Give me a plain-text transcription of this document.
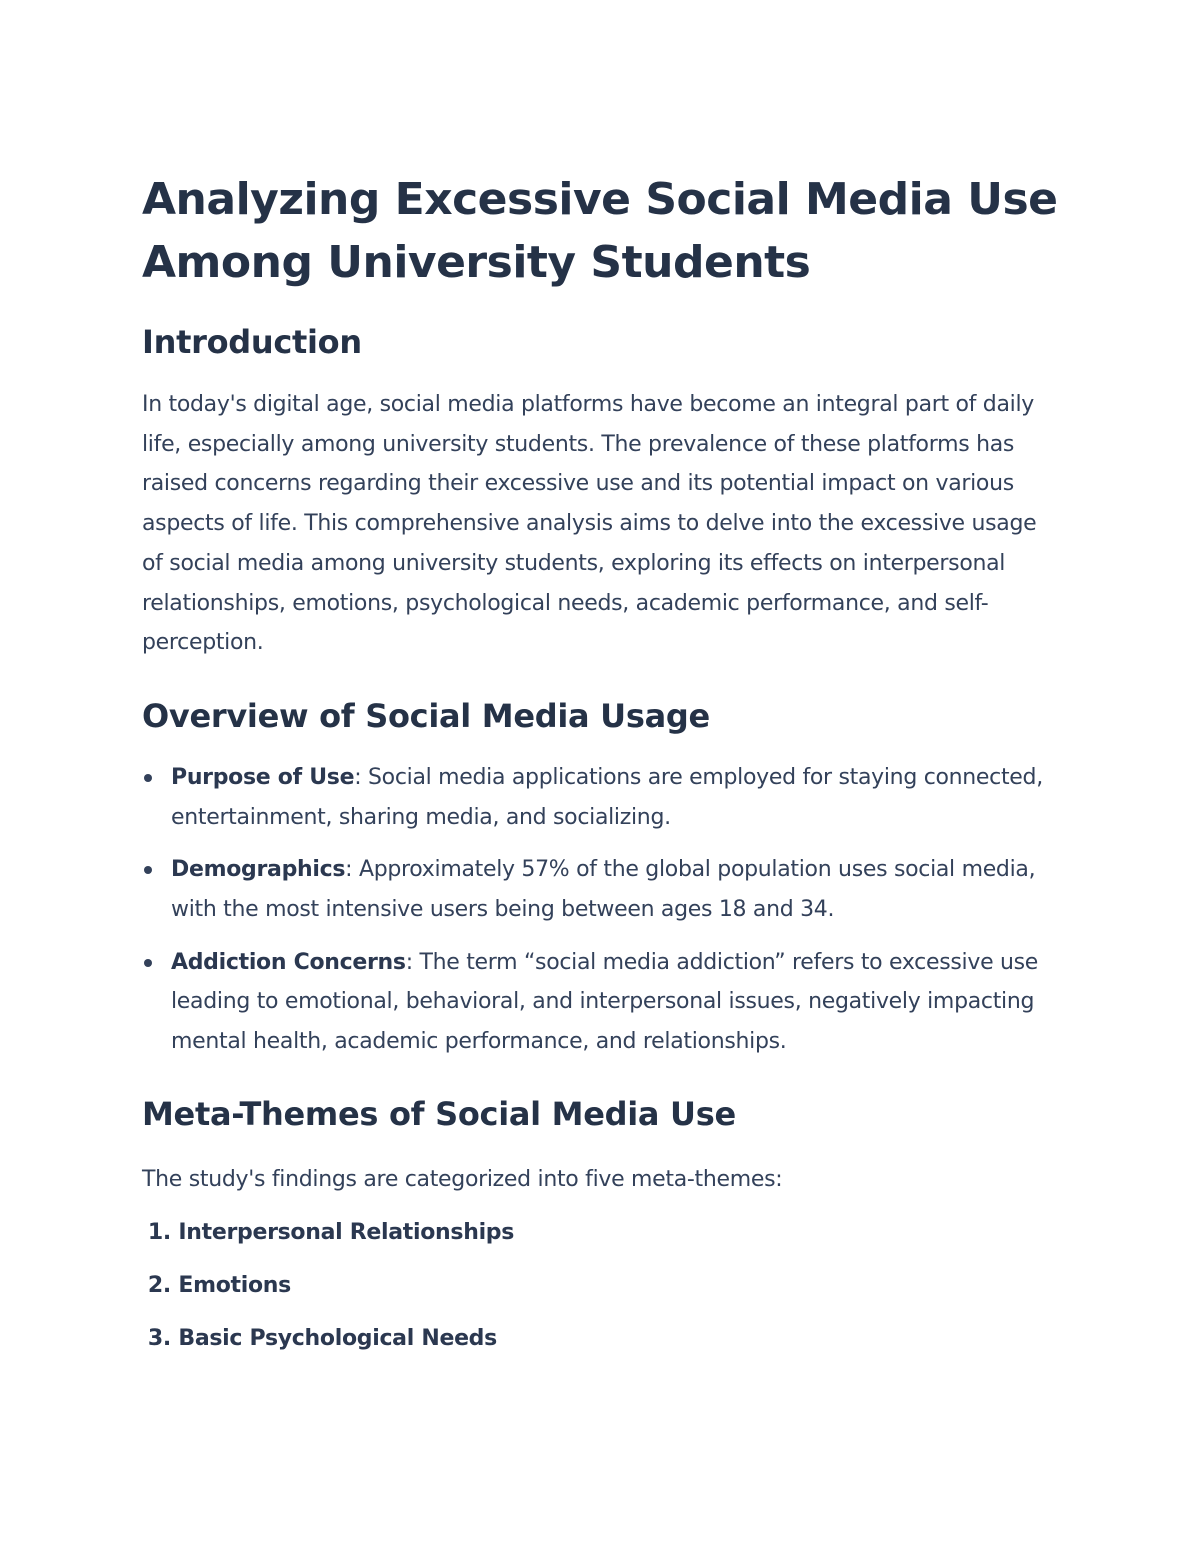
Analyzing Excessive Social Media Use Among University Students
Introduction

In today's digital age, social media platforms have become an integral part of daily life, especially among university students. The prevalence of these platforms has raised concerns regarding their excessive use and its potential impact on various aspects of life. This comprehensive analysis aims to delve into the excessive usage of social media among university students, exploring its effects on interpersonal relationships, emotions, psychological needs, academic performance, and self-perception.

Overview of Social Media Usage
Purpose of Use: Social media applications are employed for staying connected, entertainment, sharing media, and socializing.
Demographics: Approximately 57% of the global population uses social media, with the most intensive users being between ages 18 and 34.
Addiction Concerns: The term “social media addiction” refers to excessive use leading to emotional, behavioral, and interpersonal issues, negatively impacting mental health, academic performance, and relationships.
Meta-Themes of Social Media Use

The study's findings are categorized into five meta-themes:

1.
Interpersonal Relationships
2.
Emotions
3.
Basic Psychological Needs
